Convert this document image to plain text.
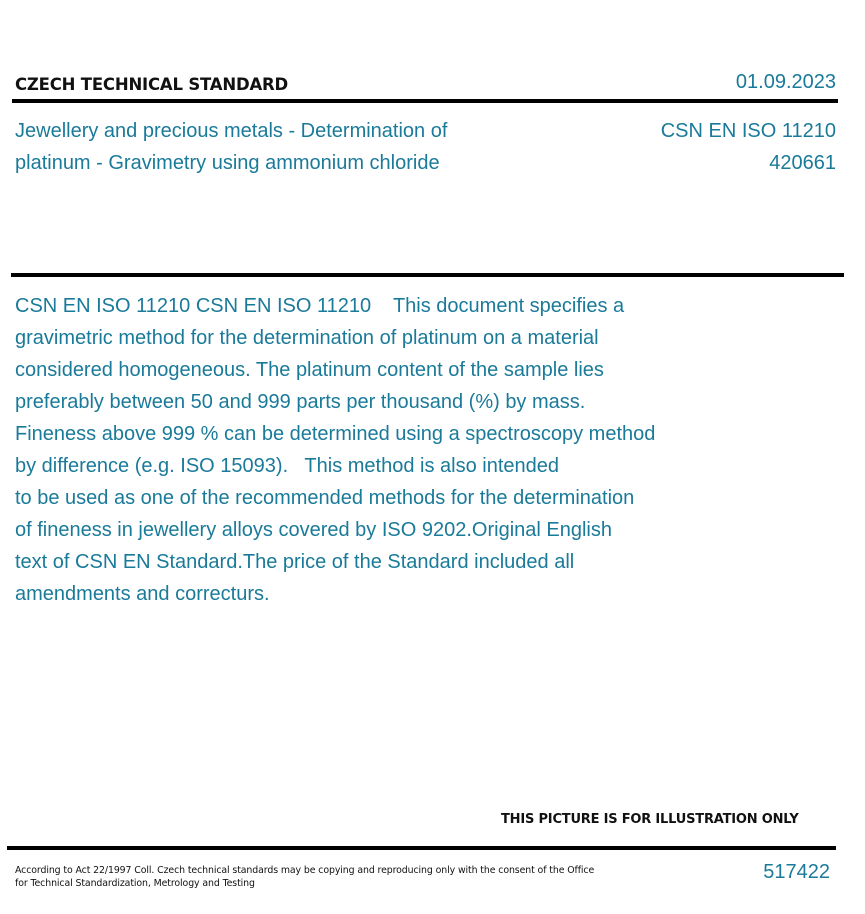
CZECH TECHNICAL STANDARD	01.09.2023
Jewellery and precious metals - Determination of
platinum - Gravimetry using ammonium chloride
CSN EN ISO 11210
420661
CSN EN ISO 11210 CSN EN ISO 11210    This document specifies a
gravimetric method for the determination of platinum on a material
considered homogeneous. The platinum content of the sample lies
preferably between 50 and 999 parts per thousand (%) by mass.
Fineness above 999 % can be determined using a spectroscopy method
by difference (e.g. ISO 15093).   This method is also intended
to be used as one of the recommended methods for the determination
of fineness in jewellery alloys covered by ISO 9202.Original English
text of CSN EN Standard.The price of the Standard included all
amendments and correcturs.
THIS PICTURE IS FOR ILLUSTRATION ONLY
According to Act 22/1997 Coll. Czech technical standards may be copying and reproducing only with the consent of the Office
for Technical Standardization, Metrology and Testing
517422
